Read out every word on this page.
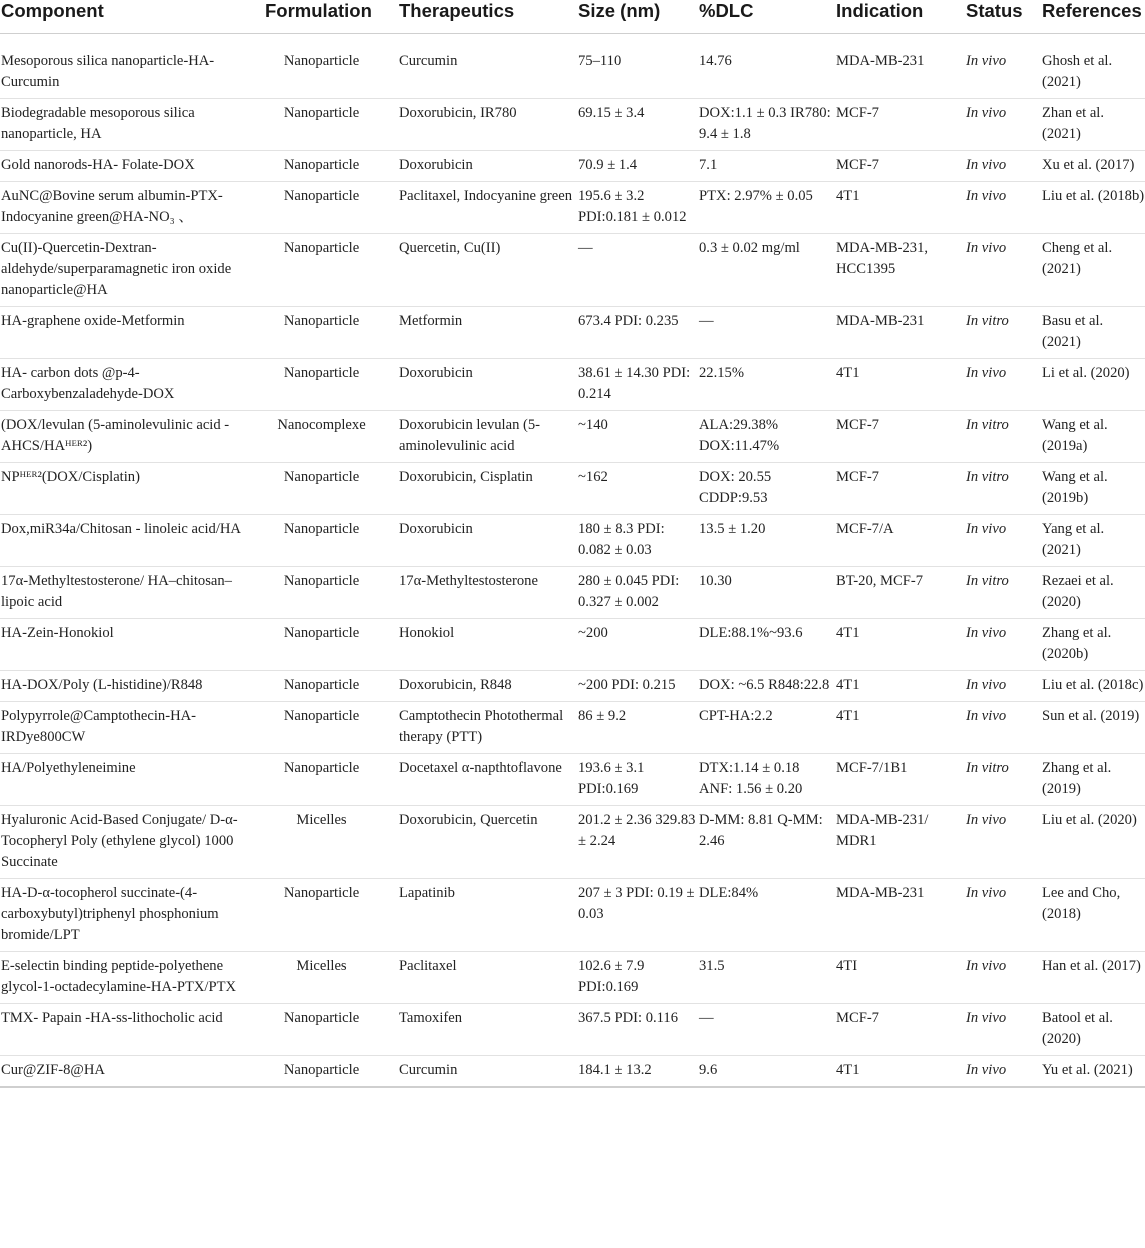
Component	Formulation	Therapeutics	Size (nm)	%DLC	Indication	Status	References
Mesoporous silica nanoparticle-HA-Curcumin	Nanoparticle	Curcumin	75–110	14.76	MDA-MB-231	In vivo	Ghosh et al. (2021)
Biodegradable mesoporous silica nanoparticle, HA	Nanoparticle	Doxorubicin, IR780	69.15 ± 3.4	DOX:1.1 ± 0.3 IR780: 9.4 ± 1.8	MCF-7	In vivo	Zhan et al. (2021)
Gold nanorods-HA- Folate-DOX	Nanoparticle	Doxorubicin	70.9 ± 1.4	7.1	MCF-7	In vivo	Xu et al. (2017)
AuNC@Bovine serum albumin-PTX-Indocyanine green@HA-NO₃ 、	Nanoparticle	Paclitaxel, Indocyanine green	195.6 ± 3.2 PDI:0.181 ± 0.012	PTX: 2.97% ± 0.05	4T1	In vivo	Liu et al. (2018b)
Cu(II)-Quercetin-Dextran-aldehyde/superparamagnetic iron oxide nanoparticle@HA	Nanoparticle	Quercetin, Cu(II)	—	0.3 ± 0.02 mg/ml	MDA-MB-231, HCC1395	In vivo	Cheng et al. (2021)
HA-graphene oxide-Metformin	Nanoparticle	Metformin	673.4 PDI: 0.235	—	MDA-MB-231	In vitro	Basu et al. (2021)
HA- carbon dots @p-4-Carboxybenzaladehyde-DOX	Nanoparticle	Doxorubicin	38.61 ± 14.30 PDI: 0.214	22.15%	4T1	In vivo	Li et al. (2020)
(DOX/levulan (5-aminolevulinic acid -AHCS/HAᴴᴱᴿ²)	Nanocomplexe	Doxorubicin levulan (5-aminolevulinic acid	~140	ALA:29.38% DOX:11.47%	MCF-7	In vitro	Wang et al. (2019a)
NPᴴᴱᴿ²(DOX/Cisplatin)	Nanoparticle	Doxorubicin, Cisplatin	~162	DOX: 20.55 CDDP:9.53	MCF-7	In vitro	Wang et al. (2019b)
Dox,miR34a/Chitosan - linoleic acid/HA	Nanoparticle	Doxorubicin	180 ± 8.3 PDI: 0.082 ± 0.03	13.5 ± 1.20	MCF-7/A	In vivo	Yang et al. (2021)
17α-Methyltestosterone/ HA–chitosan–lipoic acid	Nanoparticle	17α-Methyltestosterone	280 ± 0.045 PDI: 0.327 ± 0.002	10.30	BT-20, MCF-7	In vitro	Rezaei et al. (2020)
HA-Zein-Honokiol	Nanoparticle	Honokiol	~200	DLE:88.1%~93.6	4T1	In vivo	Zhang et al. (2020b)
HA-DOX/Poly (L-histidine)/R848	Nanoparticle	Doxorubicin, R848	~200 PDI: 0.215	DOX: ~6.5 R848:22.8	4T1	In vivo	Liu et al. (2018c)
Polypyrrole@Camptothecin-HA-IRDye800CW	Nanoparticle	Camptothecin Photothermal therapy (PTT)	86 ± 9.2	CPT-HA:2.2	4T1	In vivo	Sun et al. (2019)
HA/Polyethyleneimine	Nanoparticle	Docetaxel α-napthtoflavone	193.6 ± 3.1 PDI:0.169	DTX:1.14 ± 0.18 ANF: 1.56 ± 0.20	MCF-7/1B1	In vitro	Zhang et al. (2019)
Hyaluronic Acid-Based Conjugate/ D-α-Tocopheryl Poly (ethylene glycol) 1000 Succinate	Micelles	Doxorubicin, Quercetin	201.2 ± 2.36 329.83 ± 2.24	D-MM: 8.81 Q-MM: 2.46	MDA-MB-231/ MDR1	In vivo	Liu et al. (2020)
HA-D-α-tocopherol succinate-(4-carboxybutyl)triphenyl phosphonium bromide/LPT	Nanoparticle	Lapatinib	207 ± 3 PDI: 0.19 ± 0.03	DLE:84%	MDA-MB-231	In vivo	Lee and Cho, (2018)
E-selectin binding peptide-polyethene glycol-1-octadecylamine-HA-PTX/PTX	Micelles	Paclitaxel	102.6 ± 7.9 PDI:0.169	31.5	4TI	In vivo	Han et al. (2017)
TMX- Papain -HA-ss-lithocholic acid	Nanoparticle	Tamoxifen	367.5 PDI: 0.116	—	MCF-7	In vivo	Batool et al. (2020)
Cur@ZIF-8@HA	Nanoparticle	Curcumin	184.1 ± 13.2	9.6	4T1	In vivo	Yu et al. (2021)
